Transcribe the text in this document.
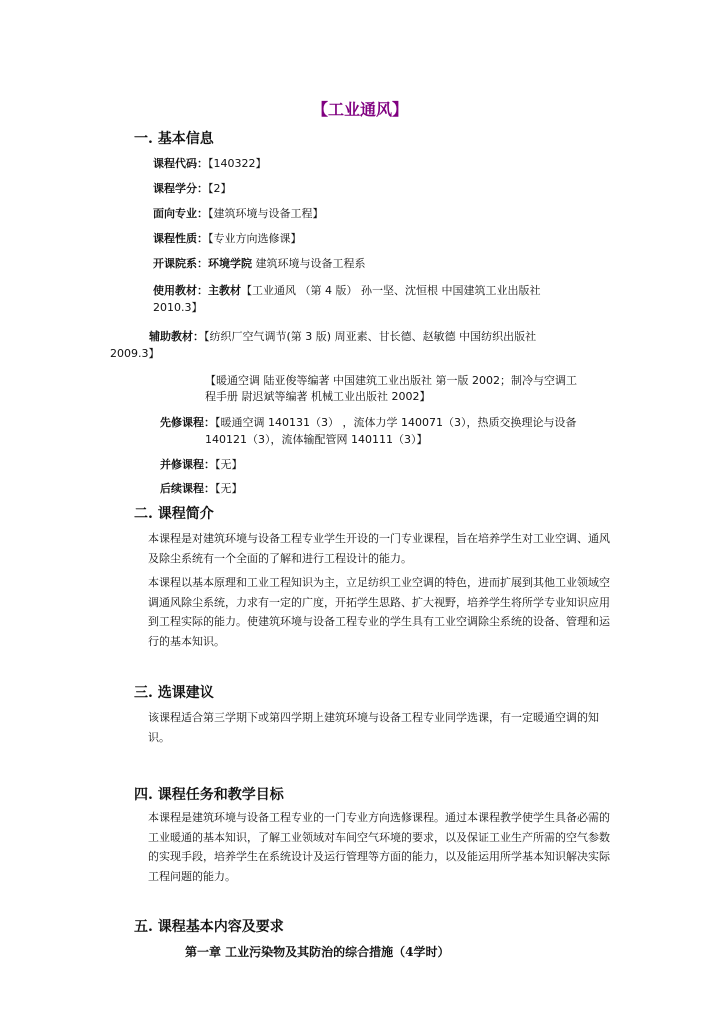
【工业通风】
一. 基本信息
课程代码：【140322】
课程学分：【2】
面向专业：【建筑环境与设备工程】
课程性质：【专业方向选修课】
开课院系：环境学院 建筑环境与设备工程系
使用教材：主教材【工业通风 （第 4 版） 孙一坚、沈恒根 中国建筑工业出版社
2010.3】
辅助教材：【纺织厂空气调节(第 3 版) 周亚素、甘长德、赵敏德 中国纺织出版社
2009.3】
【暖通空调 陆亚俊等编著 中国建筑工业出版社 第一版 2002；制冷与空调工
程手册 尉迟斌等编著 机械工业出版社 2002】
先修课程：【暖通空调 140131（3） ，流体力学 140071（3），热质交换理论与设备
140121（3），流体输配管网 140111（3）】
并修课程：【无】
后续课程：【无】
二. 课程简介
本课程是对建筑环境与设备工程专业学生开设的一门专业课程，旨在培养学生对工业空调、通风及除尘系统有一个全面的了解和进行工程设计的能力。
本课程以基本原理和工业工程知识为主，立足纺织工业空调的特色，进而扩展到其他工业领域空调通风除尘系统，力求有一定的广度，开拓学生思路、扩大视野，培养学生将所学专业知识应用到工程实际的能力。使建筑环境与设备工程专业的学生具有工业空调除尘系统的设备、管理和运行的基本知识。
三. 选课建议
该课程适合第三学期下或第四学期上建筑环境与设备工程专业同学选课，有一定暖通空调的知识。
四. 课程任务和教学目标
本课程是建筑环境与设备工程专业的一门专业方向选修课程。通过本课程教学使学生具备必需的工业暖通的基本知识，了解工业领域对车间空气环境的要求，以及保证工业生产所需的空气参数的实现手段，培养学生在系统设计及运行管理等方面的能力，以及能运用所学基本知识解决实际工程问题的能力。
五. 课程基本内容及要求
第一章 工业污染物及其防治的综合措施（4学时）
